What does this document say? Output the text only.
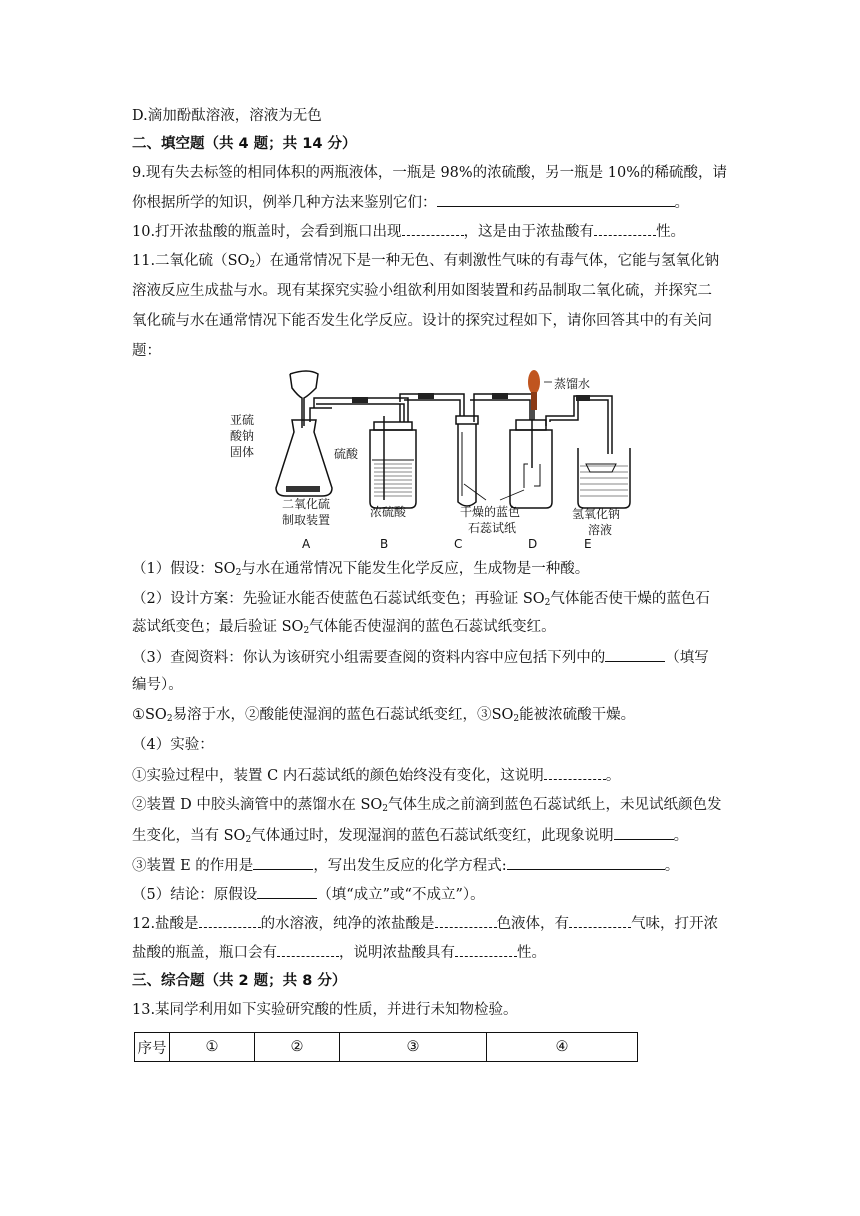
D.滴加酚酞溶液，溶液为无色
二、填空题（共 4 题；共 14 分）
9.现有失去标签的相同体积的两瓶液体，一瓶是 98%的浓硫酸，另一瓶是 10%的稀硫酸，请
你根据所学的知识，例举几种方法来鉴别它们：	。
10.打开浓盐酸的瓶盖时，会看到瓶口出现	，这是由于浓盐酸有	性。
11.二氧化硫$(SO_2)$在通常情况下是一种无色、有刺激性气味的有毒气体，它能与氢氧化钠
溶液反应生成盐与水。现有某探究实验小组欲利用如图装置和药品制取二氧化硫，并探究二
氧化硫与水在通常情况下能否发生化学反应。设计的探究过程如下，请你回答其中的有关问
题：
亚硫
酸钠
固体	硫酸
二氧化硫
制取装置
浓硫酸	干燥的蓝色
石蕊试纸
蒸馏水
氢氧化钠
溶液
A	B	C	D	E
（1）假设：$SO_2$与水在通常情况下能发生化学反应，生成物是一种酸。
（2）设计方案：先验证水能否使蓝色石蕊试纸变色；再验证 $SO_2$气体能否使干燥的蓝色石
蕊试纸变色；最后验证 $SO_2$气体能否使湿润的蓝色石蕊试纸变红。
（3）查阅资料：你认为该研究小组需要查阅的资料内容中应包括下列中的	（填写
编号）。
$①SO_2$易溶于水，②酸能使湿润的蓝色石蕊试纸变红，$③SO_2$能被浓硫酸干燥。
（4）实验：
①实验过程中，装置 C 内石蕊试纸的颜色始终没有变化，这说明	。
②装置 D 中胶头滴管中的蒸馏水在 $SO_2$气体生成之前滴到蓝色石蕊试纸上，未见试纸颜色发
生变化，当有 $SO_2$气体通过时，发现湿润的蓝色石蕊试纸变红，此现象说明	。
③装置 E 的作用是	，写出发生反应的化学方程式:	。
（5）结论：原假设	（填“成立”或“不成立”）。
12.盐酸是	的水溶液，纯净的浓盐酸是	色液体，有	气味，打开浓
盐酸的瓶盖，瓶口会有	，说明浓盐酸具有	性。
三、综合题（共 2 题；共 8 分）
13.某同学利用如下实验研究酸的性质，并进行未知物检验。
序号	①	②	③	④
